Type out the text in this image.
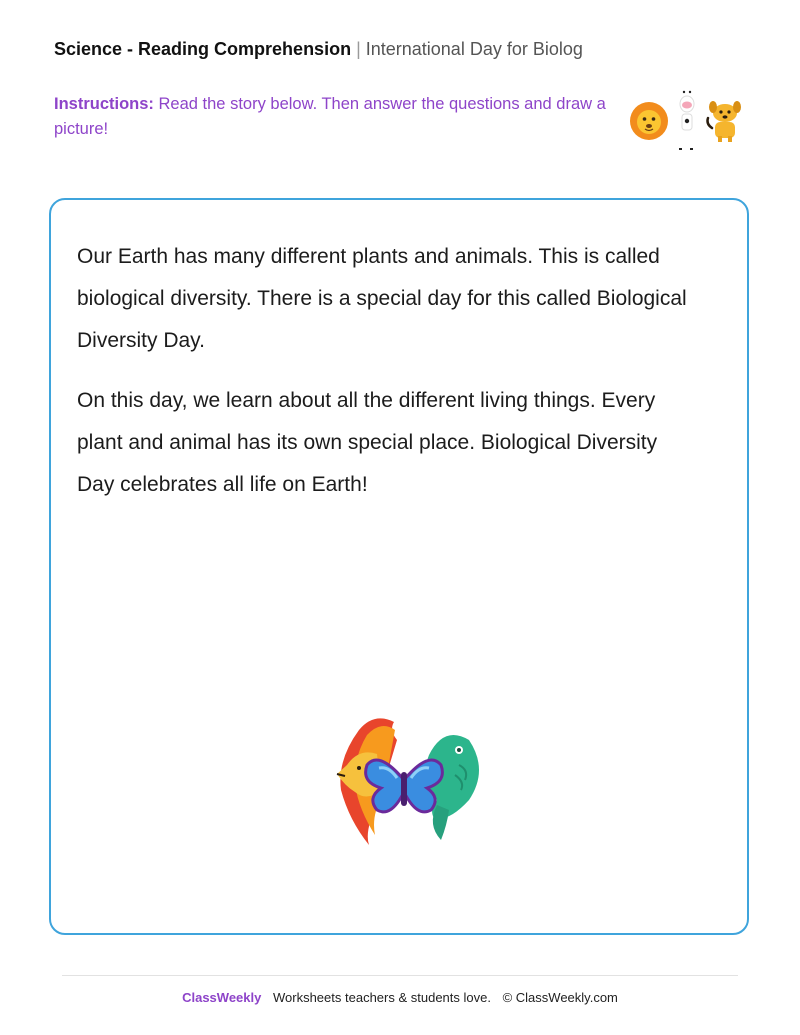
Science - Reading Comprehension | International Day for Biolog
Instructions: Read the story below. Then answer the questions and draw a picture!

Our Earth has many different plants and animals. This is called biological diversity. There is a special day for this called Biological Diversity Day.

On this day, we learn about all the different living things. Every plant and animal has its own special place. Biological Diversity Day celebrates all life on Earth!

ClassWeekly Worksheets teachers & students love. © ClassWeekly.com
